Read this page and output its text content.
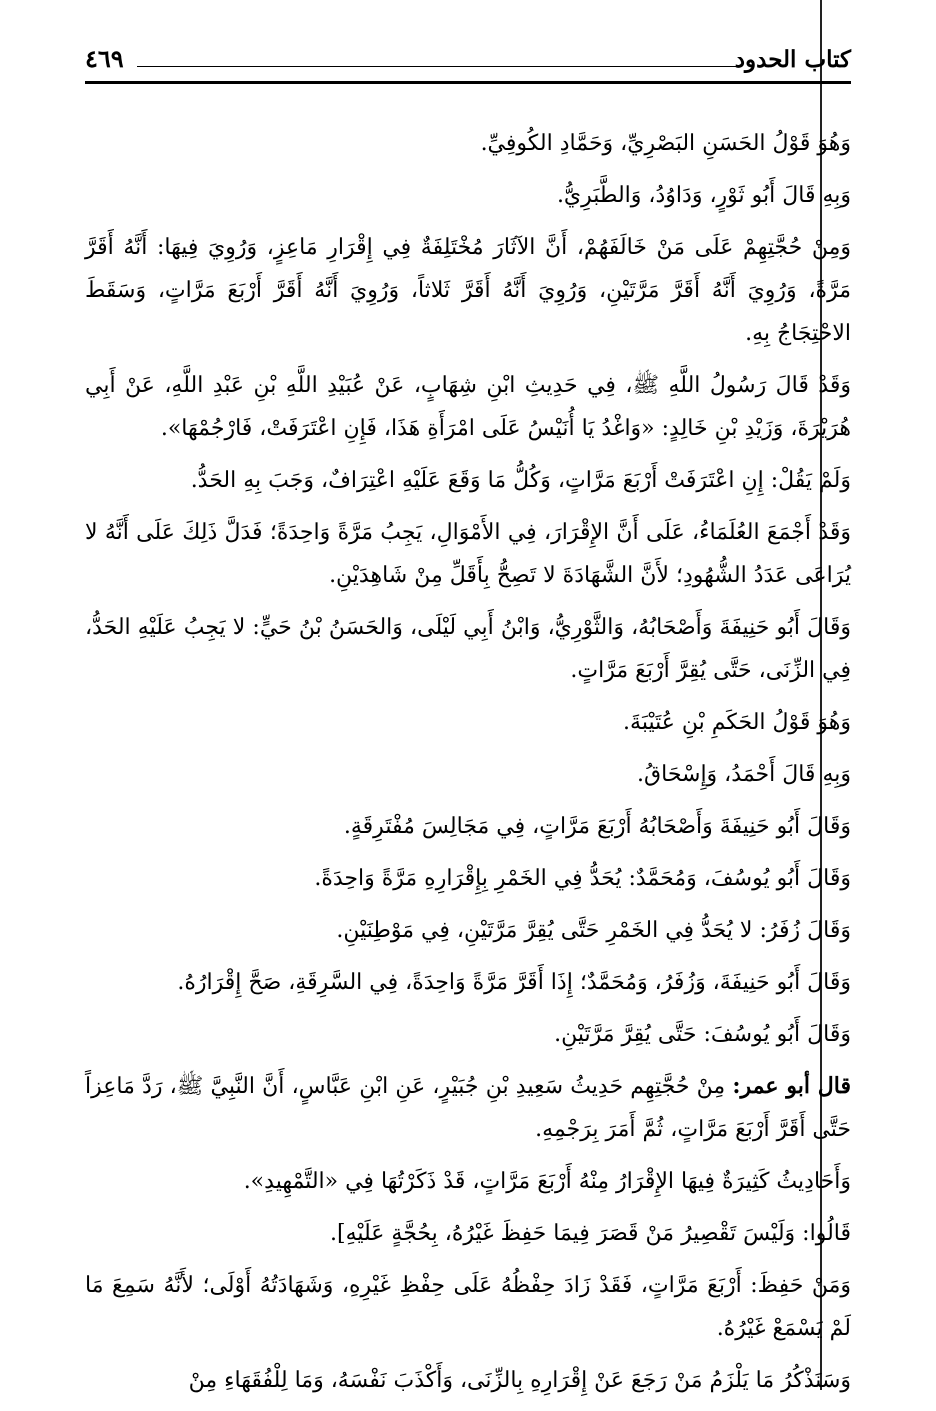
كتاب الحدود
٤٦٩

وَهُوَ قَوْلُ الحَسَنِ البَصْرِيِّ، وَحَمَّادِ الكُوفِيِّ.

وَبِهِ قَالَ أَبُو ثَوْرٍ، وَدَاوُدُ، وَالطَّبَرِيُّ.

وَمِنْ حُجَّتِهِمْ عَلَى مَنْ خَالَفَهُمْ، أَنَّ الآثَارَ مُخْتَلِفَةٌ فِي إِقْرَارِ مَاعِزٍ، وَرُوِيَ فِيهَا: أَنَّهُ أَقَرَّ مَرَّةً، وَرُوِيَ أَنَّهُ أَقَرَّ مَرَّتَيْنِ، وَرُوِيَ أَنَّهُ أَقَرَّ ثَلاثاً، وَرُوِيَ أَنَّهُ أَقَرَّ أَرْبَعَ مَرَّاتٍ، وَسَقَطَ الاحْتِجَاجُ بِهِ.

وَقَدْ قَالَ رَسُولُ اللَّهِ ﷺ، فِي حَدِيثِ ابْنِ شِهَابٍ، عَنْ عُبَيْدِ اللَّهِ بْنِ عَبْدِ اللَّهِ، عَنْ أَبِي هُرَيْرَةَ، وَزَيْدِ بْنِ خَالِدٍ: «وَاغْدُ يَا أُنَيْسُ عَلَى امْرَأَةِ هَذَا، فَإِنِ اعْتَرَفَتْ، فَارْجُمْهَا».

وَلَمْ يَقُلْ: إِنِ اعْتَرَفَتْ أَرْبَعَ مَرَّاتٍ، وَكُلُّ مَا وَقَعَ عَلَيْهِ اعْتِرَافٌ، وَجَبَ بِهِ الحَدُّ.

وَقَدْ أَجْمَعَ العُلَمَاءُ، عَلَى أَنَّ الإِقْرَارَ، فِي الأَمْوَالِ، يَجِبُ مَرَّةً وَاحِدَةً؛ فَدَلَّ ذَلِكَ عَلَى أَنَّهُ لا يُرَاعَى عَدَدُ الشُّهُودِ؛ لأَنَّ الشَّهَادَةَ لا تَصِحُّ بِأَقَلِّ مِنْ شَاهِدَيْنِ.

وَقَالَ أَبُو حَنِيفَةَ وَأَصْحَابُهُ، وَالثَّوْرِيُّ، وَابْنُ أَبِي لَيْلَى، وَالحَسَنُ بْنُ حَيٍّ: لا يَجِبُ عَلَيْهِ الحَدُّ، فِي الزِّنَى، حَتَّى يُقِرَّ أَرْبَعَ مَرَّاتٍ.

وَهُوَ قَوْلُ الحَكَمِ بْنِ عُتَيْبَةَ.

وَبِهِ قَالَ أَحْمَدُ، وَإِسْحَاقُ.

وَقَالَ أَبُو حَنِيفَةَ وَأَصْحَابُهُ أَرْبَعَ مَرَّاتٍ، فِي مَجَالِسَ مُفْتَرِقَةٍ.

وَقَالَ أَبُو يُوسُفَ، وَمُحَمَّدٌ: يُحَدُّ فِي الخَمْرِ بِإِقْرَارِهِ مَرَّةً وَاحِدَةً.

وَقَالَ زُفَرُ: لا يُحَدُّ فِي الخَمْرِ حَتَّى يُقِرَّ مَرَّتَيْنِ، فِي مَوْطِنَيْنِ.

وَقَالَ أَبُو حَنِيفَةَ، وَزُفَرُ، وَمُحَمَّدٌ؛ إِذَا أَقَرَّ مَرَّةً وَاحِدَةً، فِي السَّرِقَةِ، صَحَّ إِقْرَارُهُ.

وَقَالَ أَبُو يُوسُفَ: حَتَّى يُقِرَّ مَرَّتَيْنِ.

قال أبو عمر: مِنْ حُجَّتِهِم حَدِيثُ سَعِيدِ بْنِ جُبَيْرٍ، عَنِ ابْنِ عَبَّاسٍ، أَنَّ النَّبِيَّ ﷺ، رَدَّ مَاعِزاً حَتَّى أَقَرَّ أَرْبَعَ مَرَّاتٍ، ثُمَّ أَمَرَ بِرَجْمِهِ.

وَأَحَادِيثُ كَثِيرَةٌ فِيهَا الإِقْرَارُ مِنْهُ أَرْبَعَ مَرَّاتٍ، قَدْ ذَكَرْتُهَا فِي «التَّمْهِيدِ».

قَالُوا: وَلَيْسَ تَقْصِيرُ مَنْ قَصَرَ فِيمَا حَفِظَ غَيْرُهُ، بِحُجَّةٍ عَلَيْهِ].

وَمَنْ حَفِظَ: أَرْبَعَ مَرَّاتٍ، فَقَدْ زَادَ حِفْظُهُ عَلَى حِفْظِ غَيْرِهِ، وَشَهَادَتُهُ أَوْلَى؛ لأَنَّهُ سَمِعَ مَا لَمْ يَسْمَعْ غَيْرُهُ.

وَسَنَذْكُرُ مَا يَلْزَمُ مَنْ رَجَعَ عَنْ إِقْرَارِهِ بِالزِّنَى، وَأَكْذَبَ نَفْسَهُ، وَمَا لِلْفُقَهَاءِ مِنْ
